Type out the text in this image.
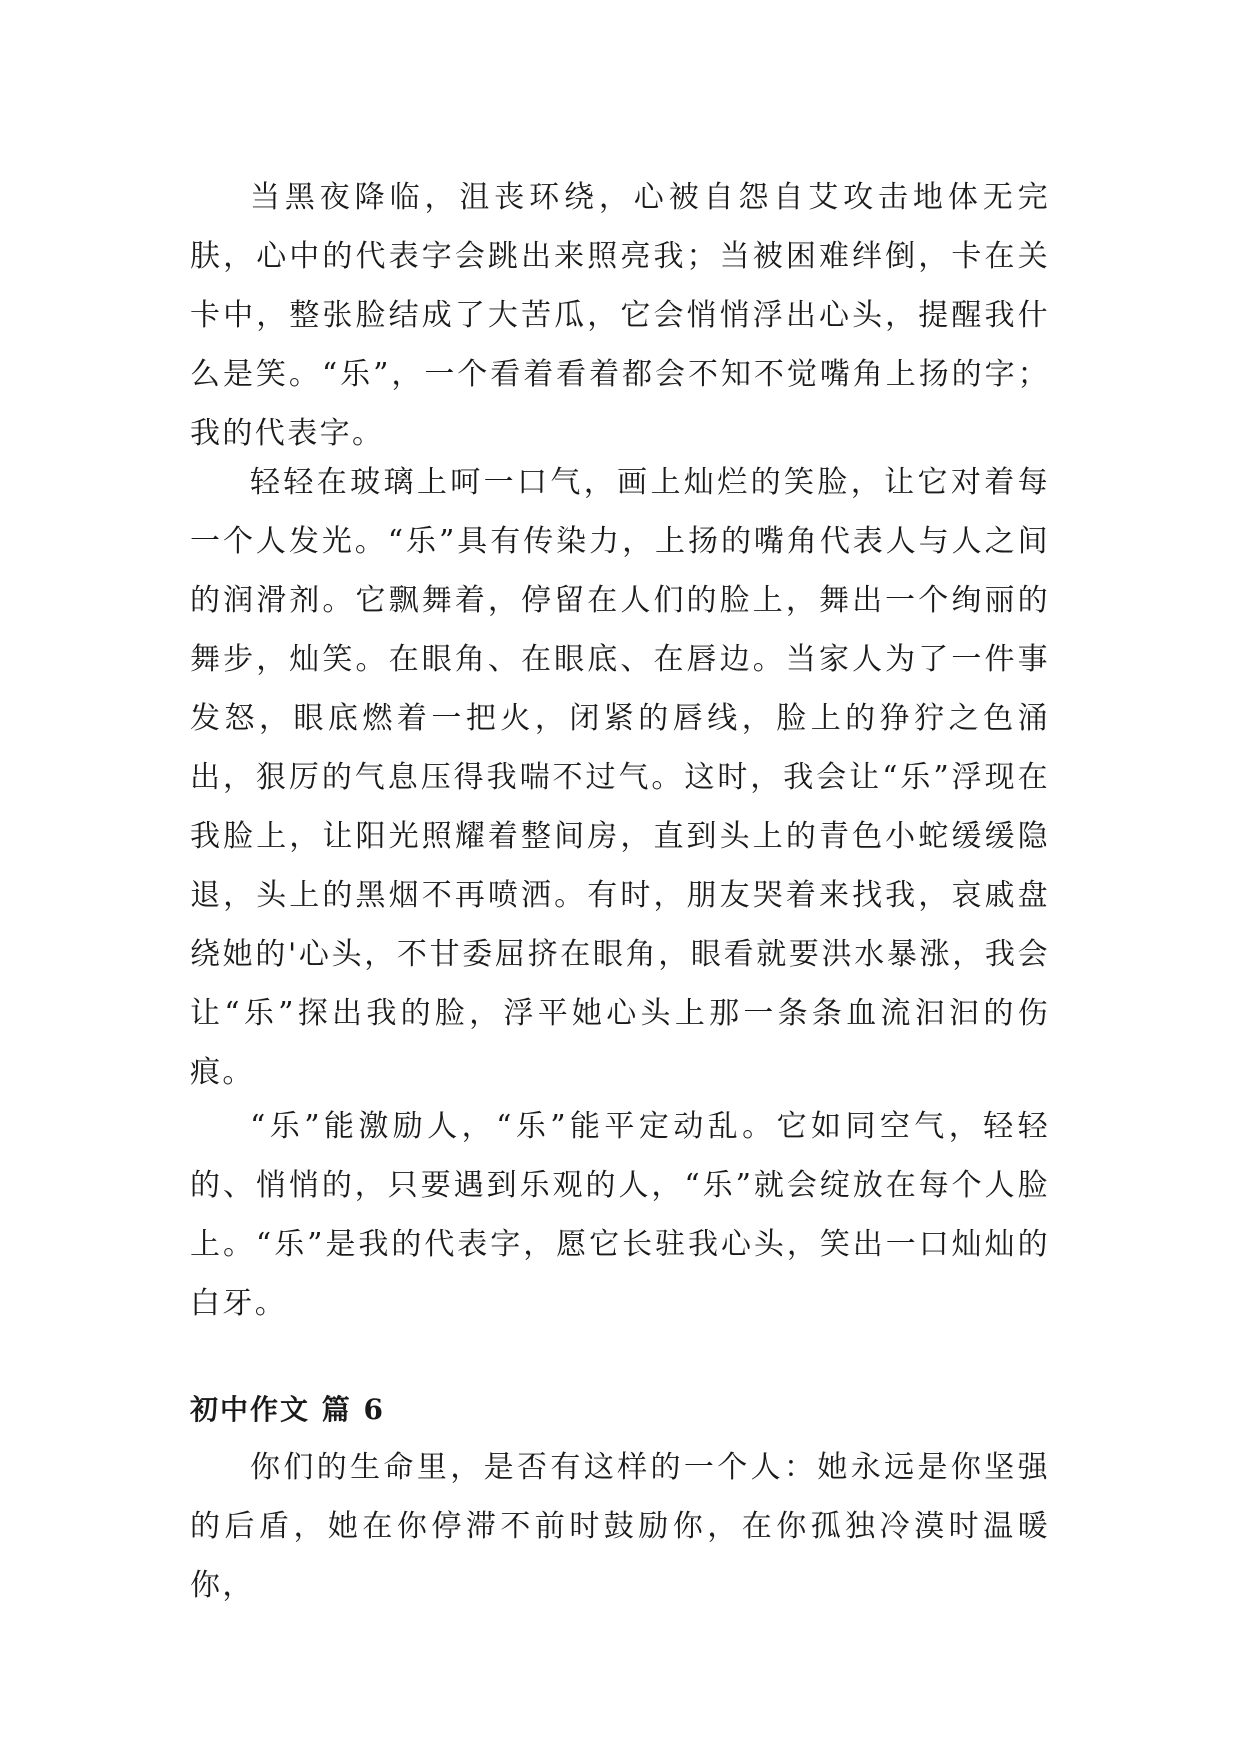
当黑夜降临，沮丧环绕，心被自怨自艾攻击地体无完肤，心中的代表字会跳出来照亮我；当被困难绊倒，卡在关卡中，整张脸结成了大苦瓜，它会悄悄浮出心头，提醒我什么是笑。“乐”，一个看着看着都会不知不觉嘴角上扬的字；我的代表字。

轻轻在玻璃上呵一口气，画上灿烂的笑脸，让它对着每一个人发光。“乐”具有传染力，上扬的嘴角代表人与人之间的润滑剂。它飘舞着，停留在人们的脸上，舞出一个绚丽的舞步，灿笑。在眼角、在眼底、在唇边。当家人为了一件事发怒，眼底燃着一把火，闭紧的唇线，脸上的狰狞之色涌出，狠厉的气息压得我喘不过气。这时，我会让“乐”浮现在我脸上，让阳光照耀着整间房，直到头上的青色小蛇缓缓隐退，头上的黑烟不再喷洒。有时，朋友哭着来找我，哀戚盘绕她的'心头，不甘委屈挤在眼角，眼看就要洪水暴涨，我会让“乐”探出我的脸，浮平她心头上那一条条血流汩汩的伤痕。

“乐”能激励人，“乐”能平定动乱。它如同空气，轻轻的、悄悄的，只要遇到乐观的人，“乐”就会绽放在每个人脸上。“乐”是我的代表字，愿它长驻我心头，笑出一口灿灿的白牙。

初中作文 篇 6

你们的生命里，是否有这样的一个人：她永远是你坚强的后盾，她在你停滞不前时鼓励你，在你孤独冷漠时温暖你，
